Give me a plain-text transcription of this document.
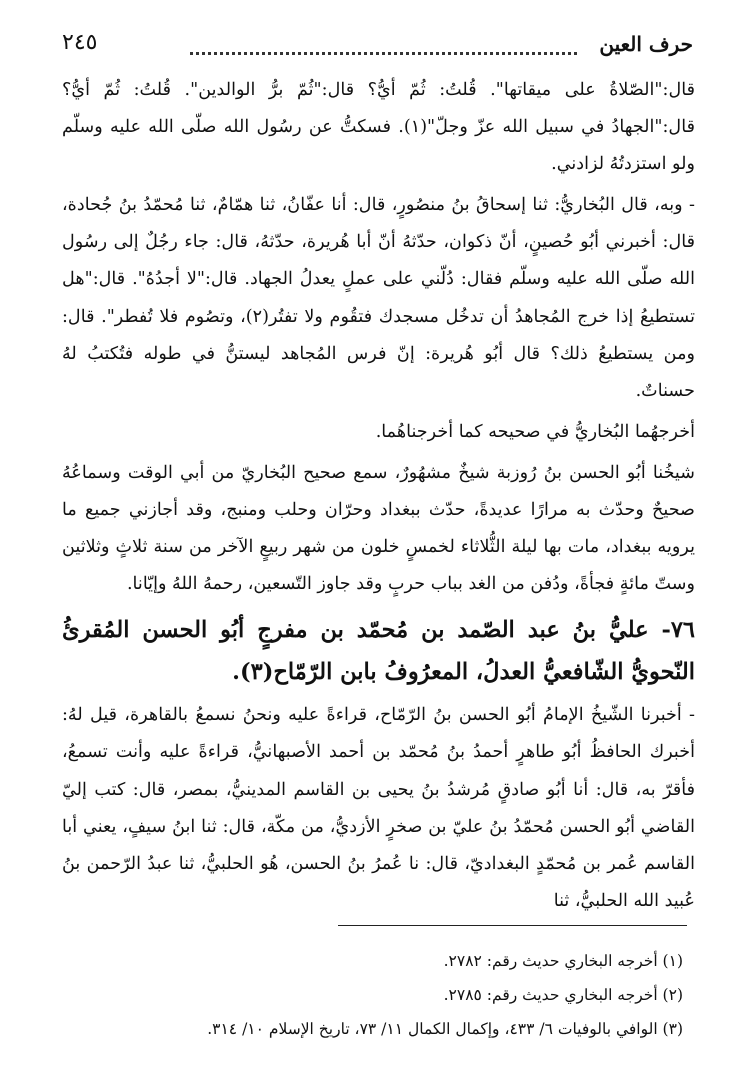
حرف العين
٢٤٥

قال:"الصّلاةُ على ميقاتها". قُلتُ: ثُمّ أيُّ؟ قال:"ثُمّ برُّ الوالدين". قُلتُ: ثُمّ أيُّ؟ قال:"الجهادُ في سبيل الله عزّ وجلّ"(١). فسكتُّ عن رسُول الله صلّى الله عليه وسلّم ولو استزدتُهُ لزادني.

- وبه، قال البُخاريُّ: ثنا إسحاقُ بنُ منصُورٍ، قال: أنا عفّانُ، ثنا همّامٌ، ثنا مُحمّدُ بنُ جُحادة، قال: أخبرني أبُو حُصينٍ، أنّ ذكوان، حدّثهُ أنّ أبا هُريرة، حدّثهُ، قال: جاء رجُلٌ إلى رسُول الله صلّى الله عليه وسلّم فقال: دُلّني على عملٍ يعدلُ الجهاد. قال:"لا أجدُهُ". قال:"هل تستطيعُ إذا خرج المُجاهدُ أن تدخُل مسجدك فتقُوم ولا تفتُر(٢)، وتصُوم فلا تُفطر". قال: ومن يستطيعُ ذلك؟ قال أبُو هُريرة: إنّ فرس المُجاهد ليستنُّ في طوله فتُكتبُ لهُ حسناتٌ.

أخرجهُما البُخاريُّ في صحيحه كما أخرجناهُما.

شيخُنا أبُو الحسن بنُ رُوزبة شيخٌ مشهُورٌ، سمع صحيح البُخاريّ من أبي الوقت وسماعُهُ صحيحٌ وحدّث به مرارًا عديدةً، حدّث ببغداد وحرّان وحلب ومنبج، وقد أجازني جميع ما يرويه ببغداد، مات بها ليلة الثُّلاثاء لخمسٍ خلون من شهر ربيعٍ الآخر من سنة ثلاثٍ وثلاثين وستّ مائةٍ فجأةً، ودُفن من الغد بباب حربٍ وقد جاوز التّسعين، رحمهُ اللهُ وإيّانا.

٧٦- عليُّ بنُ عبد الصّمد بن مُحمّد بن مفرجٍ أبُو الحسن المُقرئُ النّحويُّ الشّافعيُّ العدلُ، المعرُوفُ بابن الرّمّاح(٣).

- أخبرنا الشّيخُ الإمامُ أبُو الحسن بنُ الرّمّاح، قراءةً عليه ونحنُ نسمعُ بالقاهرة، قيل لهُ: أخبرك الحافظُ أبُو طاهرٍ أحمدُ بنُ مُحمّد بن أحمد الأصبهانيُّ، قراءةً عليه وأنت تسمعُ، فأقرّ به، قال: أنا أبُو صادقٍ مُرشدُ بنُ يحيى بن القاسم المدينيُّ، بمصر، قال: كتب إليّ القاضي أبُو الحسن مُحمّدُ بنُ عليّ بن صخرٍ الأزديُّ، من مكّة، قال: ثنا ابنُ سيفٍ، يعني أبا القاسم عُمر بن مُحمّدٍ البغداديّ، قال: نا عُمرُ بنُ الحسن، هُو الحلبيُّ، ثنا عبدُ الرّحمن بنُ عُبيد الله الحلبيُّ، ثنا

(١) أخرجه البخاري حديث رقم: ٢٧٨٢.

(٢) أخرجه البخاري حديث رقم: ٢٧٨٥.

(٣) الوافي بالوفيات ٦/ ٤٣٣، وإكمال الكمال ١١/ ٧٣، تاريخ الإسلام ١٠/ ٣١٤.
